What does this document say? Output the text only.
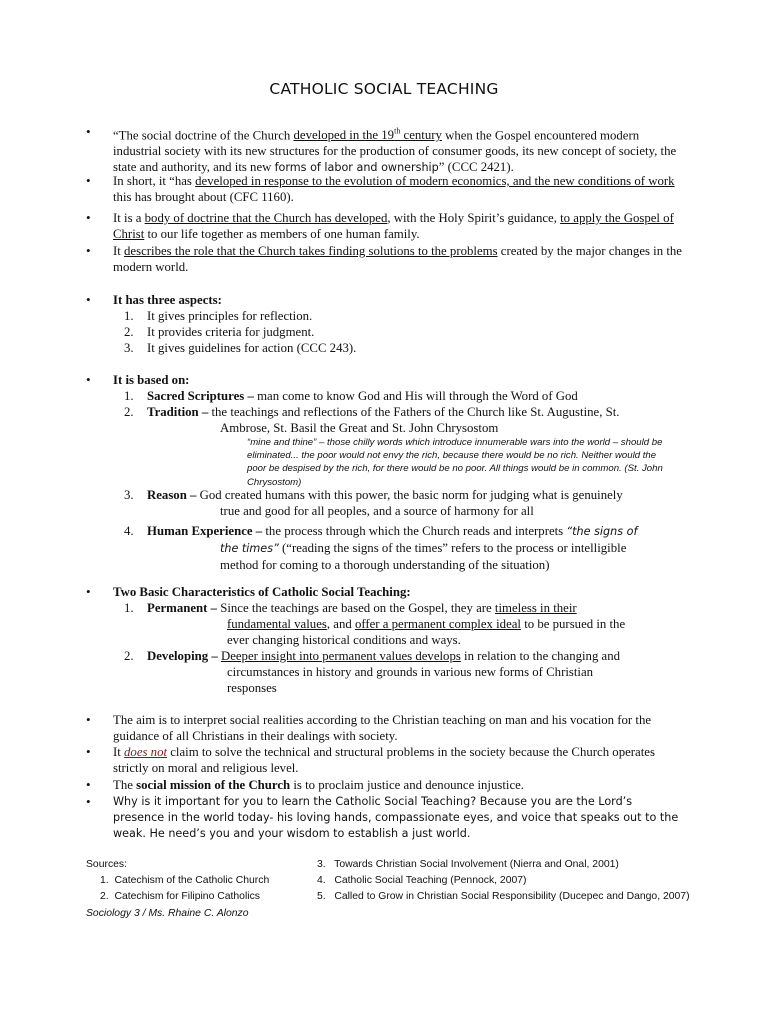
CATHOLIC SOCIAL TEACHING
• “The social doctrine of the Church developed in the 19th century when the Gospel encountered modern industrial society with its new structures for the production of consumer goods, its new concept of society, the state and authority, and its new forms of labor and ownership” (CCC 2421).
• In short, it “has developed in response to the evolution of modern economics, and the new conditions of work this has brought about (CFC 1160).
• It is a body of doctrine that the Church has developed, with the Holy Spirit’s guidance, to apply the Gospel of Christ to our life together as members of one human family.
• It describes the role that the Church takes finding solutions to the problems created by the major changes in the modern world.
• It has three aspects:
1. It gives principles for reflection.
2. It provides criteria for judgment.
3. It gives guidelines for action (CCC 243).
• It is based on:
1. Sacred Scriptures – man come to know God and His will through the Word of God
2. Tradition – the teachings and reflections of the Fathers of the Church like St. Augustine, St.
Ambrose, St. Basil the Great and St. John Chrysostom
“mine and thine” – those chilly words which introduce innumerable wars into the world – should be eliminated... the poor would not envy the rich, because there would be no rich. Neither would the poor be despised by the rich, for there would be no poor. All things would be in common. (St. John Chrysostom)
3. Reason – God created humans with this power, the basic norm for judging what is genuinely
true and good for all peoples, and a source of harmony for all
4. Human Experience – the process through which the Church reads and interprets “the signs of
the times” (“reading the signs of the times” refers to the process or intelligible
method for coming to a thorough understanding of the situation)
• Two Basic Characteristics of Catholic Social Teaching:
1. Permanent – Since the teachings are based on the Gospel, they are timeless in their
fundamental values, and offer a permanent complex ideal to be pursued in the
ever changing historical conditions and ways.
2. Developing – Deeper insight into permanent values develops in relation to the changing and
circumstances in history and grounds in various new forms of Christian
responses
• The aim is to interpret social realities according to the Christian teaching on man and his vocation for the guidance of all Christians in their dealings with society.
• It does not claim to solve the technical and structural problems in the society because the Church operates strictly on moral and religious level.
• The social mission of the Church is to proclaim justice and denounce injustice.
• Why is it important for you to learn the Catholic Social Teaching? Because you are the Lord’s presence in the world today- his loving hands, compassionate eyes, and voice that speaks out to the weak. He need’s you and your wisdom to establish a just world.
Sources:
1. Catechism of the Catholic Church
2. Catechism for Filipino Catholics
3. Towards Christian Social Involvement (Nierra and Onal, 2001)
4. Catholic Social Teaching (Pennock, 2007)
5. Called to Grow in Christian Social Responsibility (Ducepec and Dango, 2007)
Sociology 3 / Ms. Rhaine C. Alonzo
